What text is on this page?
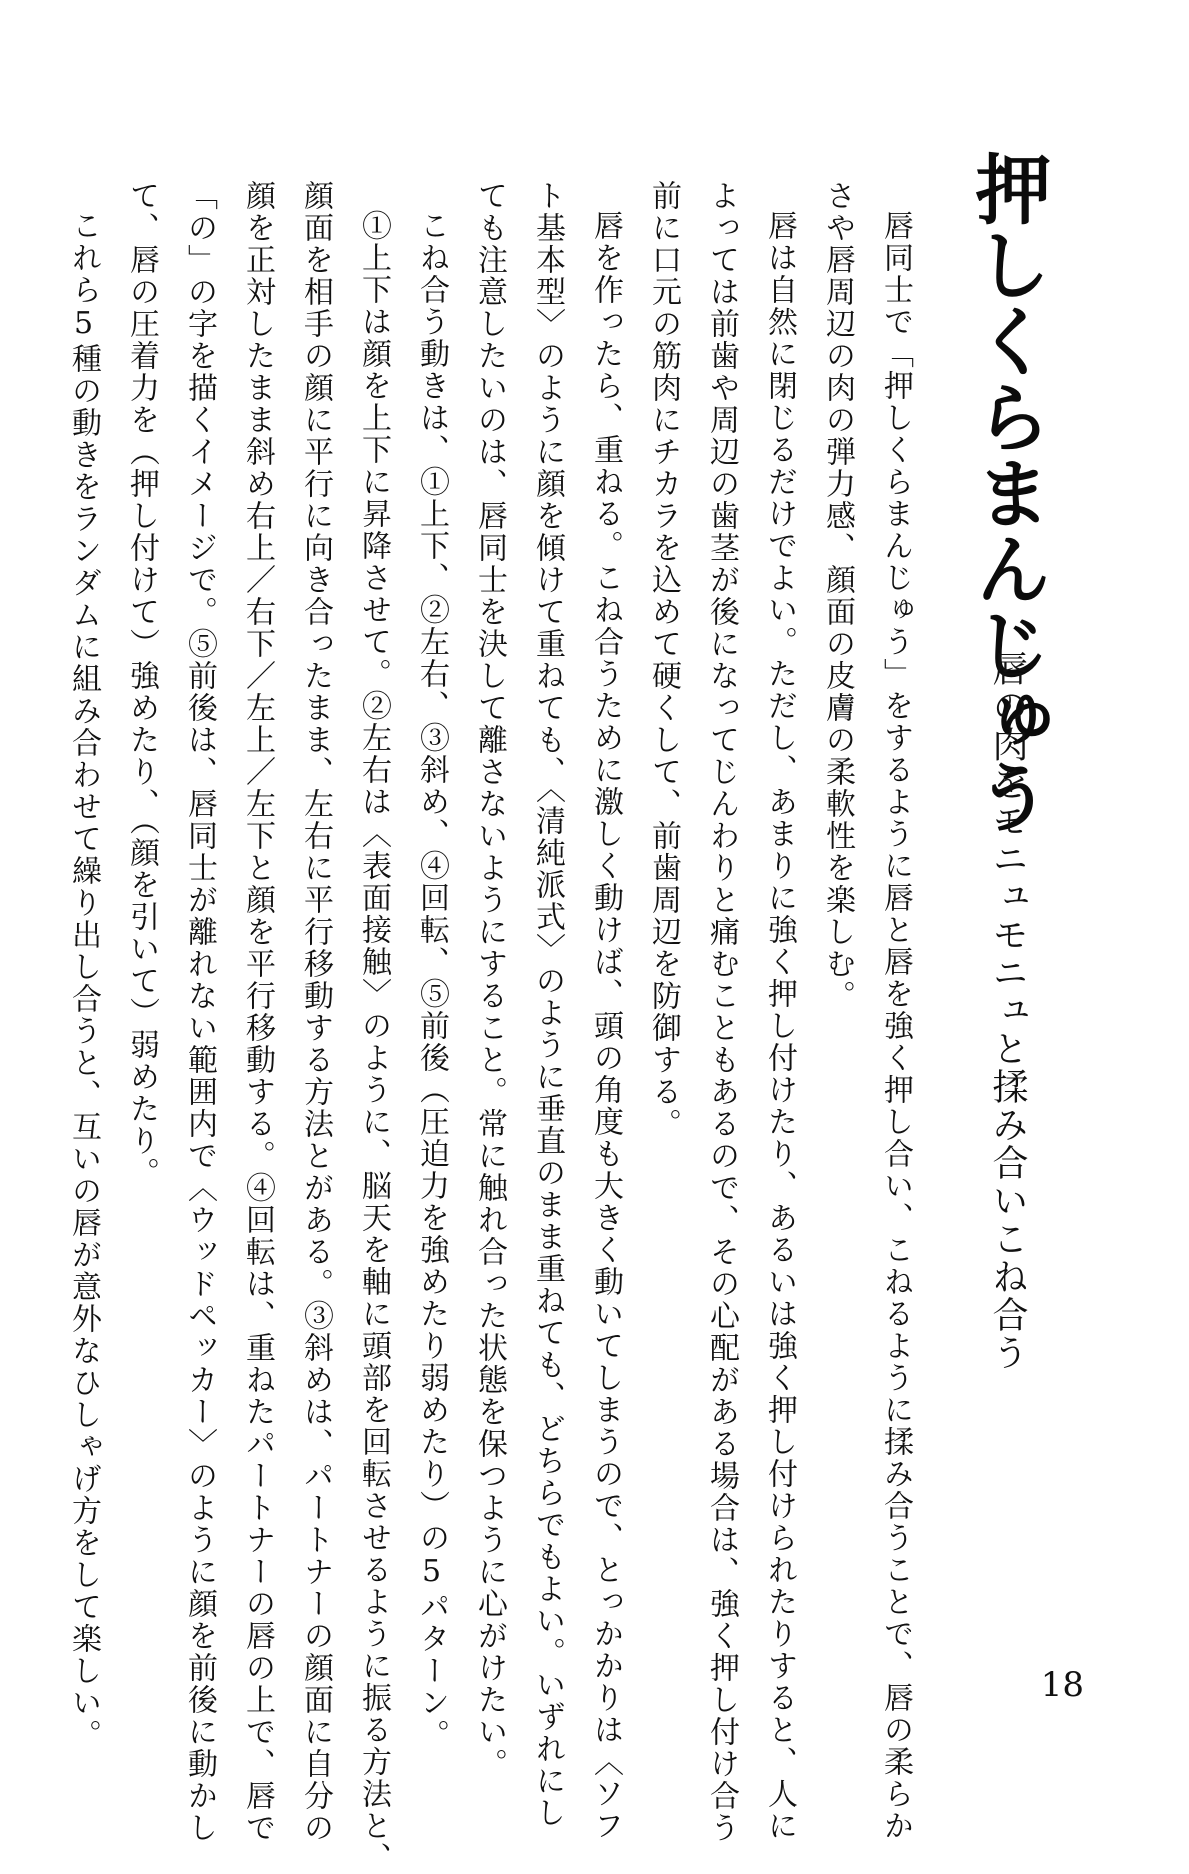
押しくらまんじゅう
唇の肉をモニュモニュと揉み合いこね合う
唇同士で「押しくらまんじゅう」をするように唇と唇を強く押し合い、こねるように揉み合うことで、唇の柔らか
さや唇周辺の肉の弾力感、顔面の皮膚の柔軟性を楽しむ。
唇は自然に閉じるだけでよい。ただし、あまりに強く押し付けたり、あるいは強く押し付けられたりすると、人に
よっては前歯や周辺の歯茎が後になってじんわりと痛むこともあるので、その心配がある場合は、強く押し付け合う
前に口元の筋肉にチカラを込めて硬くして、前歯周辺を防御する。
唇を作ったら、重ねる。こね合うために激しく動けば、頭の角度も大きく動いてしまうので、とっかかりは〈ソフ
ト基本型〉のように顔を傾けて重ねても、〈清純派式〉のように垂直のまま重ねても、どちらでもよい。いずれにし
ても注意したいのは、唇同士を決して離さないようにすること。常に触れ合った状態を保つように心がけたい。
こね合う動きは、①上下、②左右、③斜め、④回転、⑤前後（圧迫力を強めたり弱めたり）の5パターン。
①上下は顔を上下に昇降させて。②左右は〈表面接触〉のように、脳天を軸に頭部を回転させるように振る方法と、
顔面を相手の顔に平行に向き合ったまま、左右に平行移動する方法とがある。③斜めは、パートナーの顔面に自分の
顔を正対したまま斜め右上／右下／左上／左下と顔を平行移動する。④回転は、重ねたパートナーの唇の上で、唇で
「の」の字を描くイメージで。⑤前後は、唇同士が離れない範囲内で〈ウッドペッカー〉のように顔を前後に動かし
て、唇の圧着力を（押し付けて）強めたり、（顔を引いて）弱めたり。
これら5種の動きをランダムに組み合わせて繰り出し合うと、互いの唇が意外なひしゃげ方をして楽しい。	18
